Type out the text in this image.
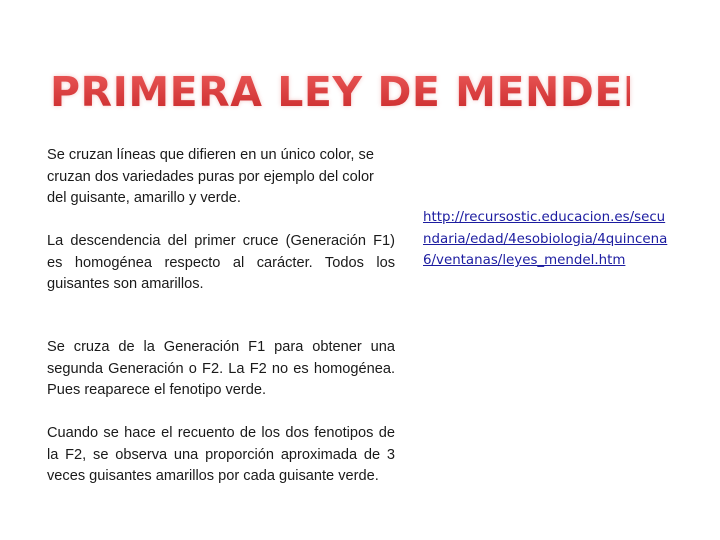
PRIMERA LEY DE MENDEL
Se cruzan líneas que difieren en un único color, se cruzan dos variedades puras por ejemplo del color del guisante, amarillo y verde.
La descendencia del primer cruce (Generación F1) es homogénea respecto al carácter. Todos los guisantes son amarillos.
Se cruza de la Generación F1 para obtener una segunda Generación o F2. La F2 no es homogénea. Pues reaparece el fenotipo verde.
Cuando se hace el recuento de los dos fenotipos de la F2, se observa una proporción aproximada de 3 veces guisantes amarillos por cada guisante verde.
http://recursostic.educacion.es/secundaria/edad/4esobiologia/4quincena6/ventanas/leyes_mendel.htm
